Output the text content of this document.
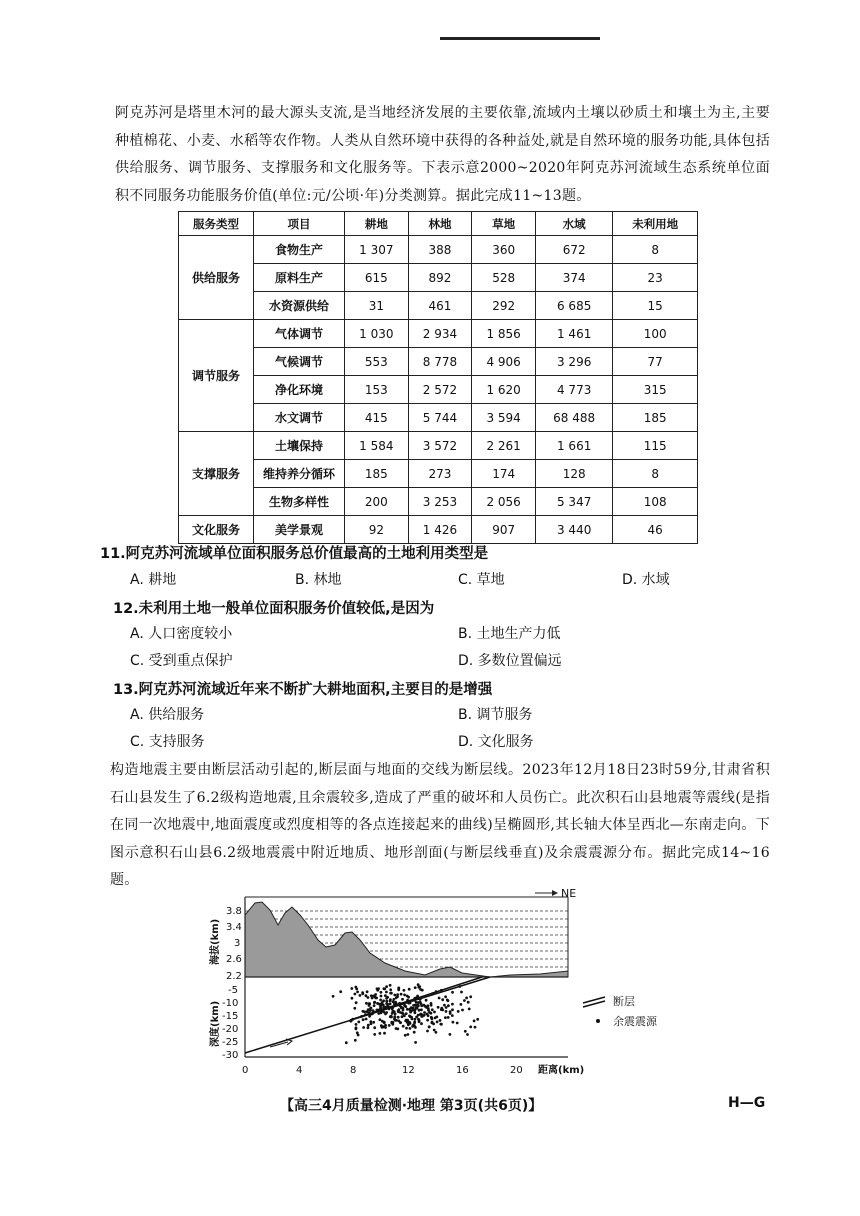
阿克苏河是塔里木河的最大源头支流,是当地经济发展的主要依靠,流域内土壤以砂质土和壤土为主,主要种植棉花、小麦、水稻等农作物。人类从自然环境中获得的各种益处,就是自然环境的服务功能,具体包括供给服务、调节服务、支撑服务和文化服务等。下表示意2000~2020年阿克苏河流域生态系统单位面积不同服务功能服务价值(单位:元/公顷·年)分类测算。据此完成11~13题。
服务类型	项目	耕地	林地	草地	水域	未利用地
供给服务	食物生产	1 307	388	360	672	8
	原料生产	615	892	528	374	23
	水资源供给	31	461	292	6 685	15
调节服务	气体调节	1 030	2 934	1 856	1 461	100
	气候调节	553	8 778	4 906	3 296	77
	净化环境	153	2 572	1 620	4 773	315
	水文调节	415	5 744	3 594	68 488	185
支撑服务	土壤保持	1 584	3 572	2 261	1 661	115
	维持养分循环	185	273	174	128	8
	生物多样性	200	3 253	2 056	5 347	108
文化服务	美学景观	92	1 426	907	3 440	46
11.阿克苏河流域单位面积服务总价值最高的土地利用类型是
A. 耕地	B. 林地	C. 草地	D. 水域
12.未利用土地一般单位面积服务价值较低,是因为
A. 人口密度较小	B. 土地生产力低
C. 受到重点保护	D. 多数位置偏远
13.阿克苏河流域近年来不断扩大耕地面积,主要目的是增强
A. 供给服务	B. 调节服务
C. 支持服务	D. 文化服务
构造地震主要由断层活动引起的,断层面与地面的交线为断层线。2023年12月18日23时59分,甘肃省积石山县发生了6.2级构造地震,且余震较多,造成了严重的破坏和人员伤亡。此次积石山县地震等震线(是指在同一次地震中,地面震度或烈度相等的各点连接起来的曲线)呈椭圆形,其长轴大体呈西北—东南走向。下图示意积石山县6.2级地震震中附近地质、地形剖面(与断层线垂直)及余震震源分布。据此完成14~16题。
NE
3.8
3.4
3
2.6
2.2
海拔(km)
-5
-10
-15
-20
-25
-30
深度(km)
0	4	8	12	16	20 距离(km)
断层
余震震源
【高三4月质量检测·地理 第3页(共6页)】	H—G
